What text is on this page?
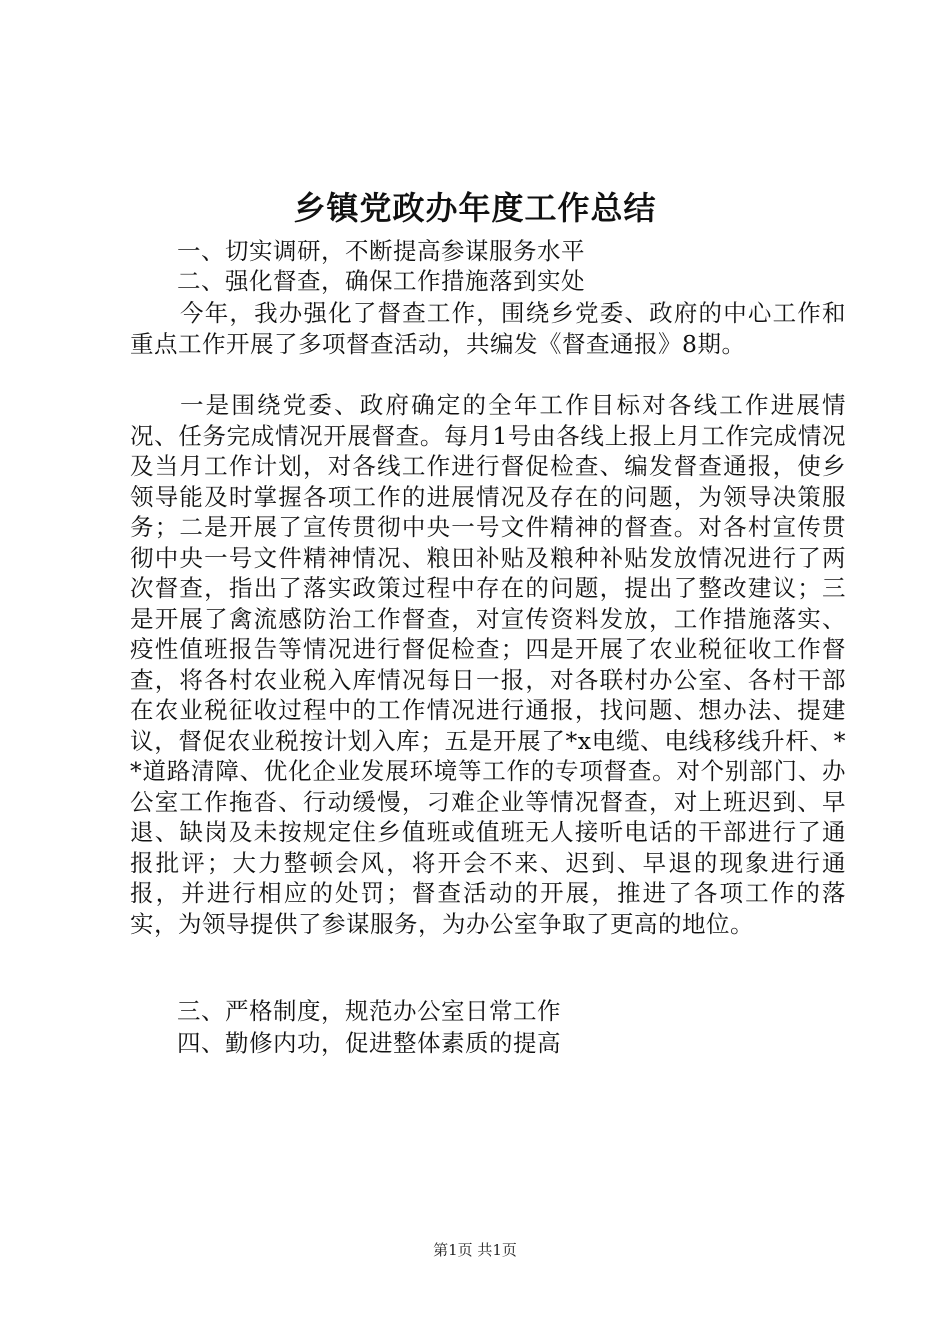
乡镇党政办年度工作总结

一、切实调研，不断提高参谋服务水平

二、强化督查，确保工作措施落到实处

今年，我办强化了督查工作，围绕乡党委、政府的中心工作和重点工作开展了多项督查活动，共编发《督查通报》8期。

一是围绕党委、政府确定的全年工作目标对各线工作进展情况、任务完成情况开展督查。每月1号由各线上报上月工作完成情况及当月工作计划，对各线工作进行督促检查、编发督查通报，使乡领导能及时掌握各项工作的进展情况及存在的问题，为领导决策服务；二是开展了宣传贯彻中央一号文件精神的督查。对各村宣传贯彻中央一号文件精神情况、粮田补贴及粮种补贴发放情况进行了两次督查，指出了落实政策过程中存在的问题，提出了整改建议；三是开展了禽流感防治工作督查，对宣传资料发放，工作措施落实、疫性值班报告等情况进行督促检查；四是开展了农业税征收工作督查，将各村农业税入库情况每日一报，对各联村办公室、各村干部在农业税征收过程中的工作情况进行通报，找问题、想办法、提建议，督促农业税按计划入库；五是开展了*x电缆、电线移线升杆、**道路清障、优化企业发展环境等工作的专项督查。对个别部门、办公室工作拖沓、行动缓慢，刁难企业等情况督查，对上班迟到、早退、缺岗及未按规定住乡值班或值班无人接听电话的干部进行了通报批评；大力整顿会风，将开会不来、迟到、早退的现象进行通报，并进行相应的处罚；督查活动的开展，推进了各项工作的落实，为领导提供了参谋服务，为办公室争取了更高的地位。

三、严格制度，规范办公室日常工作

四、勤修内功，促进整体素质的提高

第1页 共1页
